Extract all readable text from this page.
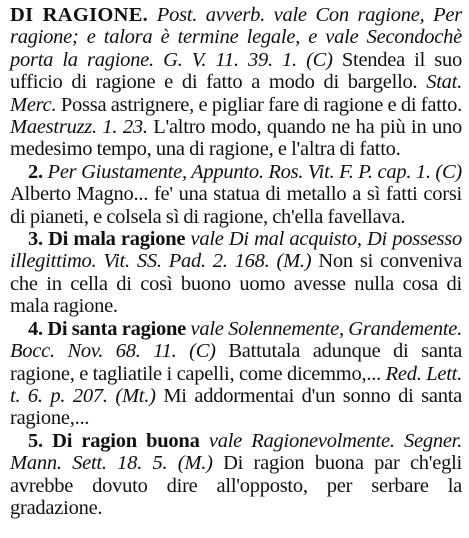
DI RAGIONE. Post. avverb. vale Con ragione, Per ragione; e talora è termine legale, e vale Secondochè porta la ragione. G. V. 11. 39. 1. (C) Stendea il suo ufficio di ragione e di fatto a modo di bargello. Stat. Merc. Possa astrignere, e pigliar fare di ragione e di fatto. Maestruzz. 1. 23. L'altro modo, quando ne ha più in uno medesimo tempo, una di ragione, e l'altra di fatto.

2. Per Giustamente, Appunto. Ros. Vit. F. P. cap. 1. (C) Alberto Magno... fe' una statua di metallo a sì fatti corsi di pianeti, e colsela sì di ragione, ch'ella favellava.

3. Di mala ragione vale Di mal acquisto, Di possesso illegittimo. Vit. SS. Pad. 2. 168. (M.) Non si conveniva che in cella di così buono uomo avesse nulla cosa di mala ragione.

4. Di santa ragione vale Solennemente, Grandemente. Bocc. Nov. 68. 11. (C) Battutala adunque di santa ragione, e tagliatile i capelli, come dicemmo,... Red. Lett. t. 6. p. 207. (Mt.) Mi addormentai d'un sonno di santa ragione,...

5. Di ragion buona vale Ragionevolmente. Segner. Mann. Sett. 18. 5. (M.) Di ragion buona par ch'egli avrebbe dovuto dire all'opposto, per serbare la gradazione.
